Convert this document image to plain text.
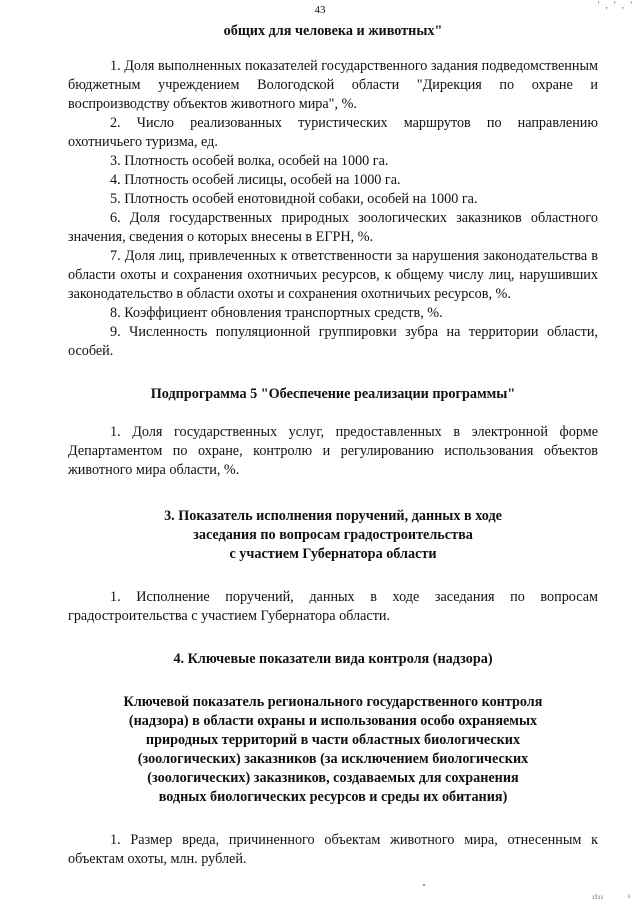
' , ' , '
43
общих для человека и животных"

1. Доля выполненных показателей государственного задания подведомственным бюджетным учреждением Вологодской области "Дирекция по охране и воспроизводству объектов животного мира", %.

2. Число реализованных туристических маршрутов по направлению охотничьего туризма, ед.

3. Плотность особей волка, особей на 1000 га.

4. Плотность особей лисицы, особей на 1000 га.

5. Плотность особей енотовидной собаки, особей на 1000 га.

6. Доля государственных природных зоологических заказников областного значения, сведения о которых внесены в ЕГРН, %.

7. Доля лиц, привлеченных к ответственности за нарушения законодательства в области охоты и сохранения охотничьих ресурсов, к общему числу лиц, нарушивших законодательство в области охоты и сохранения охотничьих ресурсов, %.

8. Коэффициент обновления транспортных средств, %.

9. Численность популяционной группировки зубра на территории области, особей.

Подпрограмма 5 "Обеспечение реализации программы"

1. Доля государственных услуг, предоставленных в электронной форме Департаментом по охране, контролю и регулированию использования объектов животного мира области, %.

3. Показатель исполнения поручений, данных в ходе
заседания по вопросам градостроительства
с участием Губернатора области

1. Исполнение поручений, данных в ходе заседания по вопросам градостроительства с участием Губернатора области.

4. Ключевые показатели вида контроля (надзора)
Ключевой показатель регионального государственного контроля
(надзора) в области охраны и использования особо охраняемых
природных территорий в части областных биологических
(зоологических) заказников (за исключением биологических
(зоологических) заказников, создаваемых для сохранения
водных биологических ресурсов и среды их обитания)

1. Размер вреда, причиненного объектам животного мира, отнесенным к объектам охоты, млн. рублей.

ılıı	ı
